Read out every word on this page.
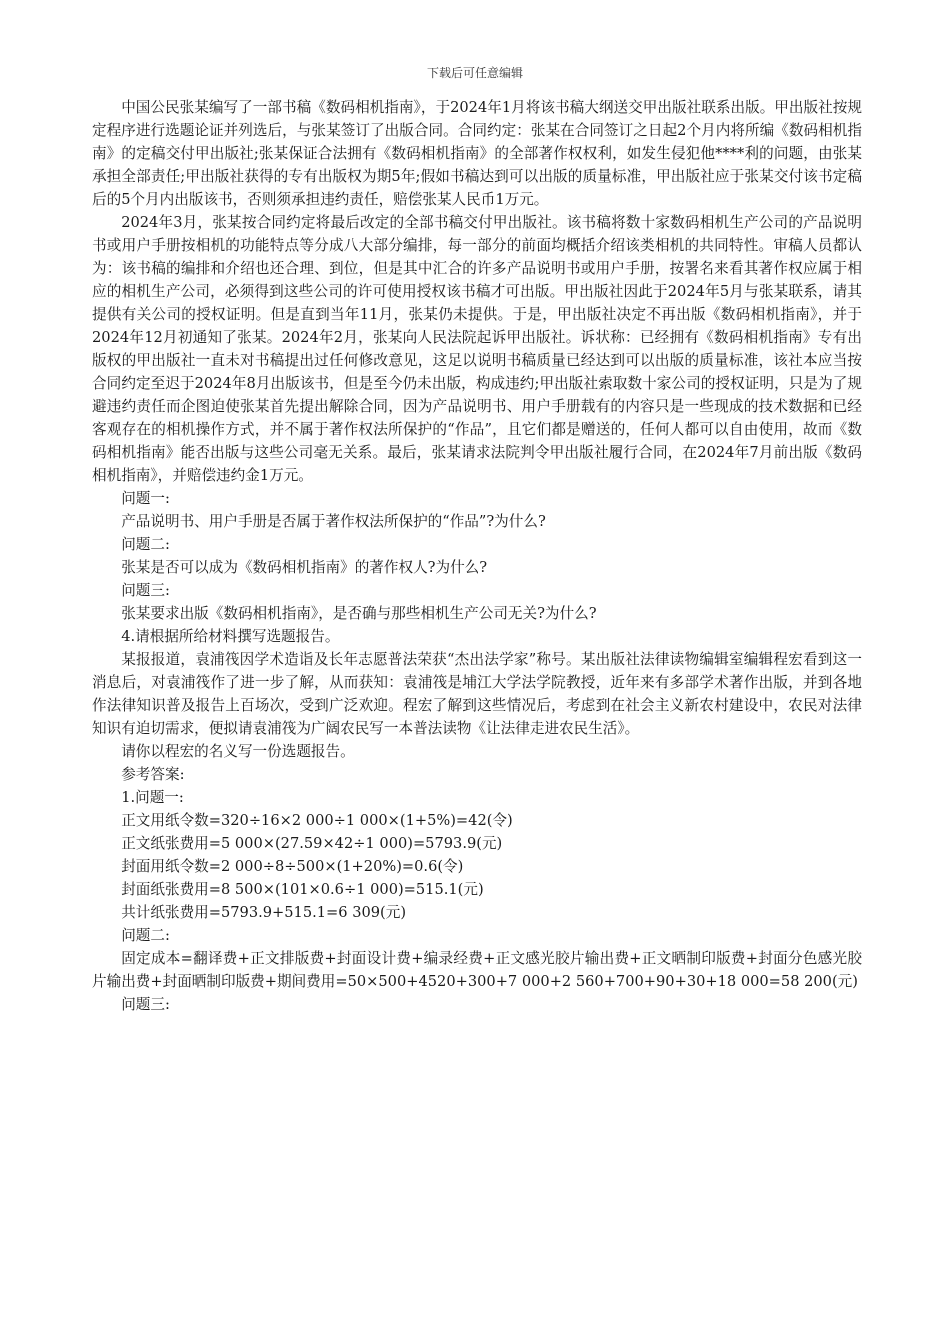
下载后可任意编辑

中国公民张某编写了一部书稿《数码相机指南》，于2024年1月将该书稿大纲送交甲出版社联系出版。甲出版社按规定程序进行选题论证并列选后，与张某签订了出版合同。合同约定：张某在合同签订之日起2个月内将所编《数码相机指南》的定稿交付甲出版社;张某保证合法拥有《数码相机指南》的全部著作权权利，如发生侵犯他****利的问题，由张某承担全部责任;甲出版社获得的专有出版权为期5年;假如书稿达到可以出版的质量标准，甲出版社应于张某交付该书定稿后的5个月内出版该书，否则须承担违约责任，赔偿张某人民币1万元。

2024年3月，张某按合同约定将最后改定的全部书稿交付甲出版社。该书稿将数十家数码相机生产公司的产品说明书或用户手册按相机的功能特点等分成八大部分编排，每一部分的前面均概括介绍该类相机的共同特性。审稿人员都认为：该书稿的编排和介绍也还合理、到位，但是其中汇合的许多产品说明书或用户手册，按署名来看其著作权应属于相应的相机生产公司，必须得到这些公司的许可使用授权该书稿才可出版。甲出版社因此于2024年5月与张某联系，请其提供有关公司的授权证明。但是直到当年11月，张某仍未提供。于是，甲出版社决定不再出版《数码相机指南》，并于2024年12月初通知了张某。2024年2月，张某向人民法院起诉甲出版社。诉状称：已经拥有《数码相机指南》专有出版权的甲出版社一直未对书稿提出过任何修改意见，这足以说明书稿质量已经达到可以出版的质量标准，该社本应当按合同约定至迟于2024年8月出版该书，但是至今仍未出版，构成违约;甲出版社索取数十家公司的授权证明，只是为了规避违约责任而企图迫使张某首先提出解除合同，因为产品说明书、用户手册载有的内容只是一些现成的技术数据和已经客观存在的相机操作方式，并不属于著作权法所保护的“作品”，且它们都是赠送的，任何人都可以自由使用，故而《数码相机指南》能否出版与这些公司毫无关系。最后，张某请求法院判令甲出版社履行合同，在2024年7月前出版《数码相机指南》，并赔偿违约金1万元。

问题一:

产品说明书、用户手册是否属于著作权法所保护的“作品”?为什么?

问题二:

张某是否可以成为《数码相机指南》的著作权人?为什么?

问题三:

张某要求出版《数码相机指南》，是否确与那些相机生产公司无关?为什么?

4.请根据所给材料撰写选题报告。

某报报道，袁浦筏因学术造诣及长年志愿普法荣获“杰出法学家”称号。某出版社法律读物编辑室编辑程宏看到这一消息后，对袁浦筏作了进一步了解，从而获知：袁浦筏是埔江大学法学院教授，近年来有多部学术著作出版，并到各地作法律知识普及报告上百场次，受到广泛欢迎。程宏了解到这些情况后，考虑到在社会主义新农村建设中，农民对法律知识有迫切需求，便拟请袁浦筏为广阔农民写一本普法读物《让法律走进农民生活》。

请你以程宏的名义写一份选题报告。

参考答案:

1.问题一:

正文用纸令数=320÷16×2 000÷1 000×(1+5%)=42(令)

正文纸张费用=5 000×(27.59×42÷1 000)=5793.9(元)

封面用纸令数=2 000÷8÷500×(1+20%)=0.6(令)

封面纸张费用=8 500×(101×0.6÷1 000)=515.1(元)

共计纸张费用=5793.9+515.1=6 309(元)

问题二:

固定成本=翻译费+正文排版费+封面设计费+编录经费+正文感光胶片输出费+正文晒制印版费+封面分色感光胶片输出费+封面晒制印版费+期间费用=50×500+4520+300+7 000+2 560+700+90+30+18 000=58 200(元)

问题三:
